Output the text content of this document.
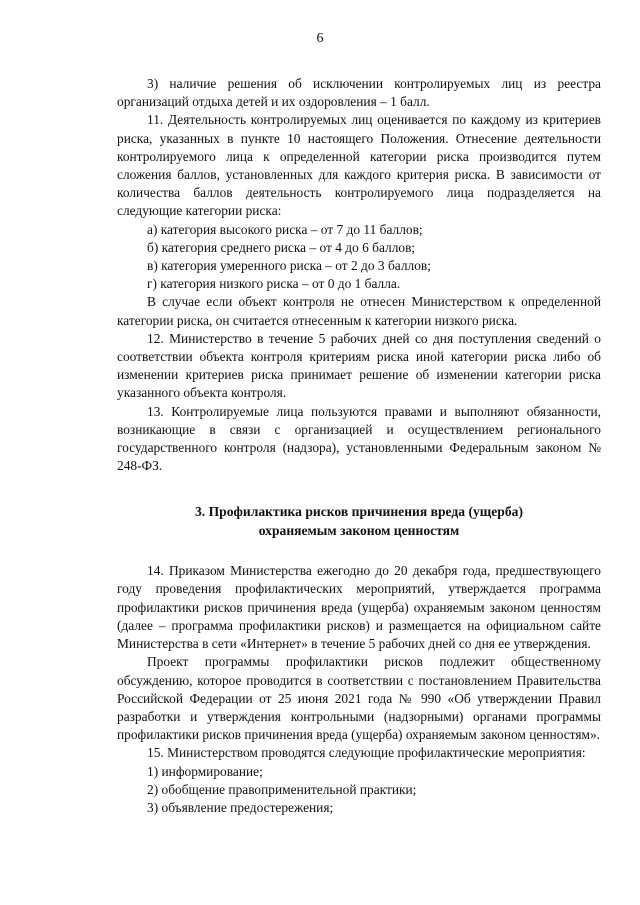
6

3) наличие решения об исключении контролируемых лиц из реестра организаций отдыха детей и их оздоровления – 1 балл.

11. Деятельность контролируемых лиц оценивается по каждому из критериев риска, указанных в пункте 10 настоящего Положения. Отнесение деятельности контролируемого лица к определенной категории риска производится путем сложения баллов, установленных для каждого критерия риска. В зависимости от количества баллов деятельность контролируемого лица подразделяется на следующие категории риска:

а) категория высокого риска – от 7 до 11 баллов;

б) категория среднего риска – от 4 до 6 баллов;

в) категория умеренного риска – от 2 до 3 баллов;

г) категория низкого риска – от 0 до 1 балла.

В случае если объект контроля не отнесен Министерством к определенной категории риска, он считается отнесенным к категории низкого риска.

12. Министерство в течение 5 рабочих дней со дня поступления сведений о соответствии объекта контроля критериям риска иной категории риска либо об изменении критериев риска принимает решение об изменении категории риска указанного объекта контроля.

13. Контролируемые лица пользуются правами и выполняют обязанности, возникающие в связи с организацией и осуществлением регионального государственного контроля (надзора), установленными Федеральным законом № 248-ФЗ.

3. Профилактика рисков причинения вреда (ущерба)
охраняемым законом ценностям

14. Приказом Министерства ежегодно до 20 декабря года, предшествующего году проведения профилактических мероприятий, утверждается программа профилактики рисков причинения вреда (ущерба) охраняемым законом ценностям (далее – программа профилактики рисков) и размещается на официальном сайте Министерства в сети «Интернет» в течение 5 рабочих дней со дня ее утверждения.

Проект программы профилактики рисков подлежит общественному обсуждению, которое проводится в соответствии с постановлением Правительства Российской Федерации от 25 июня 2021 года № 990 «Об утверждении Правил разработки и утверждения контрольными (надзорными) органами программы профилактики рисков причинения вреда (ущерба) охраняемым законом ценностям».

15. Министерством проводятся следующие профилактические мероприятия:

1) информирование;

2) обобщение правоприменительной практики;

3) объявление предостережения;
